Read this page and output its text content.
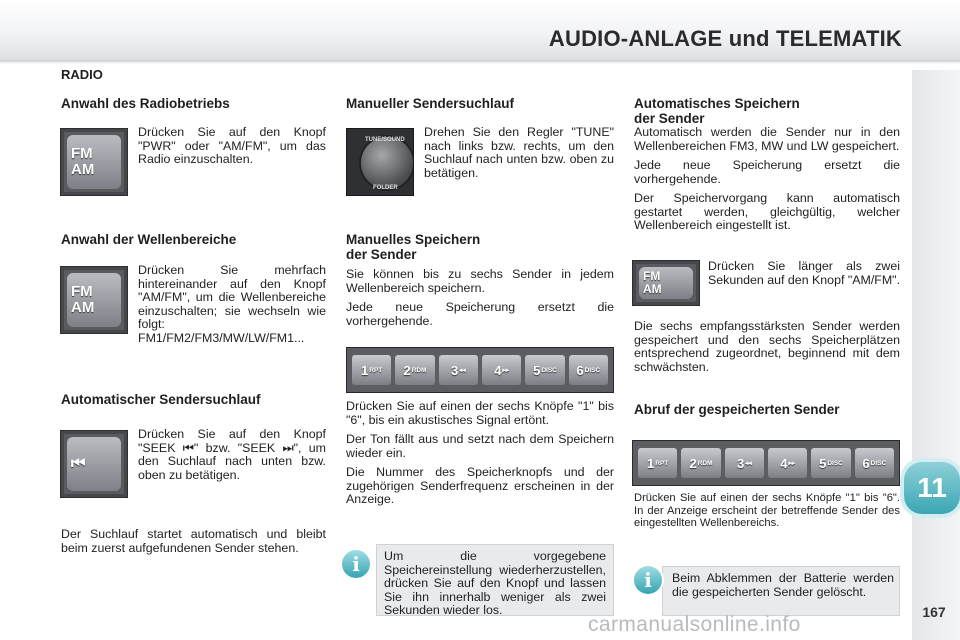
AUDIO-ANLAGE und TELEMATIK
11
167
RADIO
Anwahl des Radiobetriebs
FM
AM
Drücken Sie auf den Knopf "PWR" oder "AM/FM", um das Radio einzuschalten.
Anwahl der Wellenbereiche
FM
AM
Drücken Sie mehrfach hintereinander auf den Knopf "AM/FM", um die Wellenbereiche einzuschalten; sie wechseln wie folgt: FM1/FM2/FM3/MW/LW/FM1...
Automatischer Sendersuchlauf
⏮
Drücken Sie auf den Knopf "SEEK ⏮" bzw. "SEEK ⏭", um den Suchlauf nach unten bzw. oben zu betätigen.
Der Suchlauf startet automatisch und bleibt beim zuerst aufgefundenen Sender stehen.
Manueller Sendersuchlauf
TUNE/SOUND
FOLDER
Drehen Sie den Regler "TUNE" nach links bzw. rechts, um den Suchlauf nach unten bzw. oben zu betätigen.
Manuelles Speichern
der Sender

Sie können bis zu sechs Sender in jedem Wellenbereich speichern.

Jede neue Speicherung ersetzt die vorhergehende.

1 RPT 2 RDM 3 ◂◂ 4 ▸▸ 5 DISC 6 DISC

Drücken Sie auf einen der sechs Knöpfe "1" bis "6", bis ein akustisches Signal ertönt.

Der Ton fällt aus und setzt nach dem Speichern wieder ein.

Die Nummer des Speicherknopfs und der zugehörigen Senderfrequenz erscheinen in der Anzeige.

i	Um die vorgegebene Speichereinstellung wiederherzustellen, drücken Sie auf den Knopf und lassen Sie ihn innerhalb weniger als zwei Sekunden wieder los.
Automatisches Speichern
der Sender

Automatisch werden die Sender nur in den Wellenbereichen FM3, MW und LW gespeichert.

Jede neue Speicherung ersetzt die vorhergehende.

Der Speichervorgang kann automatisch gestartet werden, gleichgültig, welcher Wellenbereich eingestellt ist.

FM
AM
Drücken Sie länger als zwei Sekunden auf den Knopf "AM/FM".
Die sechs empfangsstärksten Sender werden gespeichert und den sechs Speicherplätzen entsprechend zugeordnet, beginnend mit dem schwächsten.
Abruf der gespeicherten Sender
1 RPT 2 RDM 3 ◂◂ 4 ▸▸ 5 DISC 6 DISC
Drücken Sie auf einen der sechs Knöpfe "1" bis "6". In der Anzeige erscheint der betreffende Sender des eingestellten Wellenbereichs.
i	Beim Abklemmen der Batterie werden die gespeicherten Sender gelöscht.
carmanualsonline.info
